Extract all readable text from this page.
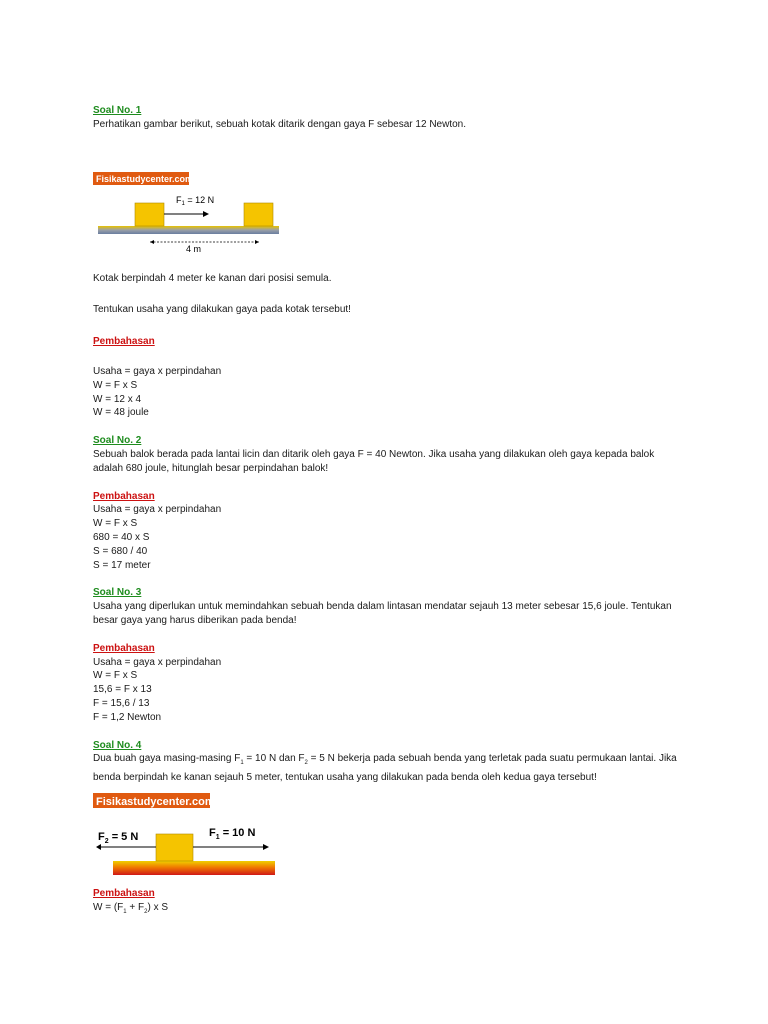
Soal No. 1
Perhatikan gambar berikut, sebuah kotak ditarik dengan gaya F sebesar 12 Newton.
Fisikastudycenter.com
$F_1 = 12$ N
4 m
Kotak berpindah 4 meter ke kanan dari posisi semula.
Tentukan usaha yang dilakukan gaya pada kotak tersebut!
Pembahasan
Usaha = gaya x perpindahan
W = F x S
W = 12 x 4
W = 48 joule
Soal No. 2
Sebuah balok berada pada lantai licin dan ditarik oleh gaya F = 40 Newton. Jika usaha yang dilakukan oleh gaya kepada balok adalah 680 joule, hitunglah besar perpindahan balok!
Pembahasan
Usaha = gaya x perpindahan
W = F x S
680 = 40 x S
S = 680 / 40
S = 17 meter
Soal No. 3
Usaha yang diperlukan untuk memindahkan sebuah benda dalam lintasan mendatar sejauh 13 meter sebesar 15,6 joule. Tentukan besar gaya yang harus diberikan pada benda!
Pembahasan
Usaha = gaya x perpindahan
W = F x S
15,6 = F x 13
F = 15,6 / 13
F = 1,2 Newton
Soal No. 4
Dua buah gaya masing-masing $F_1 = 10$ N dan $F_2 = 5$ N bekerja pada sebuah benda yang terletak pada suatu permukaan lantai. Jika benda berpindah ke kanan sejauh 5 meter, tentukan usaha yang dilakukan pada benda oleh kedua gaya tersebut!
Fisikastudycenter.com
$F_2 = 5$ N	$F_1 = 10$ N
Pembahasan
$W = (F_1 + F_2)$ x S
